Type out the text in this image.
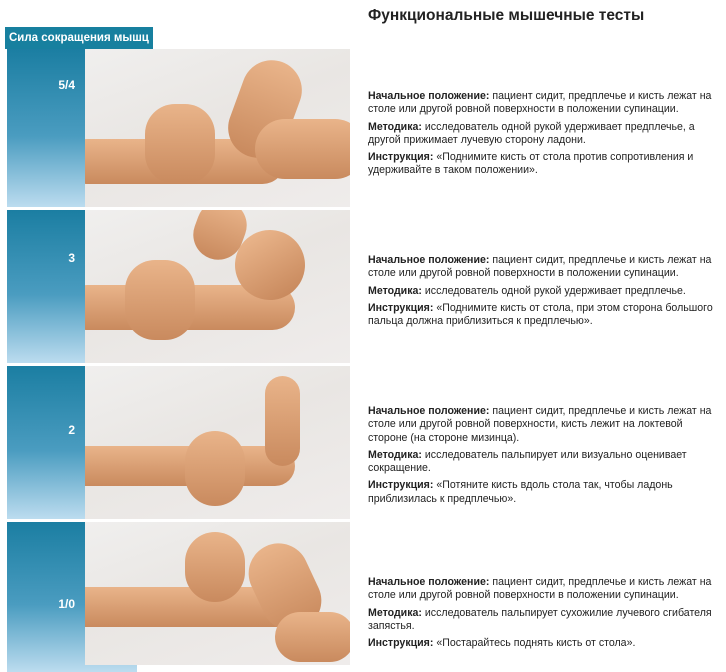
Функциональные мышечные тесты
Сила сокращения мышц
5/4
3
2
1/0

Начальное положение: пациент сидит, предплечье и кисть лежат на столе или другой ровной поверхности в положении супинации.

Методика: исследователь одной рукой удерживает предплечье, а другой прижимает лучевую сторону ладони.

Инструкция: «Поднимите кисть от стола против сопротивления и удерживайте в таком положении».

Начальное положение: пациент сидит, предплечье и кисть лежат на столе или другой ровной поверхности в положении супинации.

Методика: исследователь одной рукой удерживает предплечье.

Инструкция: «Поднимите кисть от стола, при этом сторона большого пальца должна приблизиться к предплечью».

Начальное положение: пациент сидит, предплечье и кисть лежат на столе или другой ровной поверхности, кисть лежит на локтевой стороне (на стороне мизинца).

Методика: исследователь пальпирует или визуально оценивает сокращение.

Инструкция: «Потяните кисть вдоль стола так, чтобы ладонь приблизилась к предплечью».

Начальное положение: пациент сидит, предплечье и кисть лежат на столе или другой ровной поверхности в положении супинации.

Методика: исследователь пальпирует сухожилие лучевого сгибателя запястья.

Инструкция: «Постарайтесь поднять кисть от стола».
